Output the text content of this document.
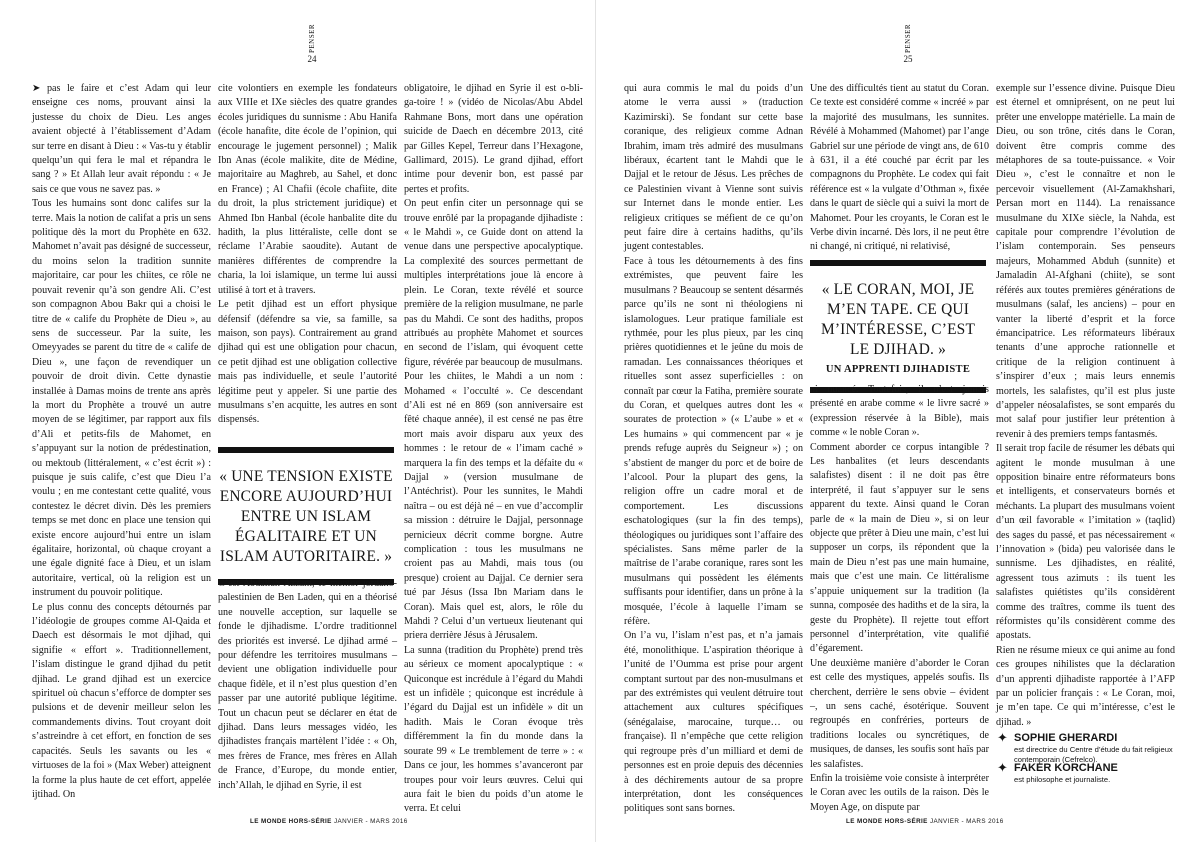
PENSER
24

➤ pas le faire et c’est Adam qui leur enseigne ces noms, prouvant ainsi la justesse du choix de Dieu. Les anges avaient objecté à l’établissement d’Adam sur terre en disant à Dieu : « Vas-tu y établir quelqu’un qui fera le mal et répandra le sang ? » Et Allah leur avait répondu : « Je sais ce que vous ne savez pas. »

Tous les humains sont donc califes sur la terre. Mais la notion de califat a pris un sens politique dès la mort du Prophète en 632. Mahomet n’avait pas désigné de successeur, du moins selon la tradition sunnite majoritaire, car pour les chiites, ce rôle ne pouvait revenir qu’à son gendre Ali. C’est son compagnon Abou Bakr qui a choisi le titre de « calife du Prophète de Dieu », au sens de successeur. Par la suite, les Omeyyades se parent du titre de « calife de Dieu », une façon de revendiquer un pouvoir de droit divin. Cette dynastie installée à Damas moins de trente ans après la mort du Prophète a trouvé un autre moyen de se légitimer, par rapport aux fils d’Ali et petits-fils de Mahomet, en s’appuyant sur la notion de prédestination, ou mektoub (littéralement, « c’est écrit ») : puisque je suis calife, c’est que Dieu l’a voulu ; en me contestant cette qualité, vous contestez le décret divin. Dès les premiers temps se met donc en place une tension qui existe encore aujourd’hui entre un islam égalitaire, horizontal, où chaque croyant a une égale dignité face à Dieu, et un islam autoritaire, vertical, où la religion est un instrument du pouvoir politique.

Le plus connu des concepts détournés par l’idéologie de groupes comme Al-Qaida et Daech est désormais le mot djihad, qui signifie « effort ». Traditionnellement, l’islam distingue le grand djihad du petit djihad. Le grand djihad est un exercice spirituel où chacun s’efforce de dompter ses pulsions et de devenir meilleur selon les commandements divins. Tout croyant doit s’astreindre à cet effort, en fonction de ses capacités. Seuls les savants ou les « virtuoses de la foi » (Max Weber) atteignent la forme la plus haute de cet effort, appelée ijtihad. On

cite volontiers en exemple les fondateurs aux VIIIe et IXe siècles des quatre grandes écoles juridiques du sunnisme : Abu Hanifa (école hanafite, dite école de l’opinion, qui encourage le jugement personnel) ; Malik Ibn Anas (école malikite, dite de Médine, majoritaire au Maghreb, au Sahel, et donc en France) ; Al Chafii (école chafiite, dite du droit, la plus strictement juridique) et Ahmed Ibn Hanbal (école hanbalite dite du hadith, la plus littéraliste, celle dont se réclame l’Arabie saoudite). Autant de manières différentes de comprendre la charia, la loi islamique, un terme lui aussi utilisé à tort et à travers.

Le petit djihad est un effort physique défensif (défendre sa vie, sa famille, sa maison, son pays). Contrairement au grand djihad qui est une obligation pour chacun, ce petit djihad est une obligation collective mais pas individuelle, et seule l’autorité légitime peut y appeler. Si une partie des musulmans s’en acquitte, les autres en sont dispensés.

« UNE TENSION EXISTE ENCORE AUJOURD’HUI ENTRE UN ISLAM ÉGALITAIRE ET UN ISLAM AUTORITAIRE. »

C’est Abdallah Azzam, le mentor jordano-palestinien de Ben Laden, qui en a théorisé une nouvelle acception, sur laquelle se fonde le djihadisme. L’ordre traditionnel des priorités est inversé. Le djihad armé – pour défendre les territoires musulmans – devient une obligation individuelle pour chaque fidèle, et il n’est plus question d’en passer par une autorité publique légitime. Tout un chacun peut se déclarer en état de djihad. Dans leurs messages vidéo, les djihadistes français martèlent l’idée : « Oh, mes frères de France, mes frères en Allah de France, d’Europe, du monde entier, inch’Allah, le djihad en Syrie, il est

obligatoire, le djihad en Syrie il est o-bli-ga-toire ! » (vidéo de Nicolas/Abu Abdel Rahmane Bons, mort dans une opération suicide de Daech en décembre 2013, cité par Gilles Kepel, Terreur dans l’Hexagone, Gallimard, 2015). Le grand djihad, effort intime pour devenir bon, est passé par pertes et profits.

On peut enfin citer un personnage qui se trouve enrôlé par la propagande djihadiste : « le Mahdi », ce Guide dont on attend la venue dans une perspective apocalyptique. La complexité des sources permettant de multiples interprétations joue là encore à plein. Le Coran, texte révélé et source première de la religion musulmane, ne parle pas du Mahdi. Ce sont des hadiths, propos attribués au prophète Mahomet et sources en second de l’islam, qui évoquent cette figure, révérée par beaucoup de musulmans.

Pour les chiites, le Mahdi a un nom : Mohamed « l’occulté ». Ce descendant d’Ali est né en 869 (son anniversaire est fêté chaque année), il est censé ne pas être mort mais avoir disparu aux yeux des hommes : le retour de « l’imam caché » marquera la fin des temps et la défaite du « Dajjal » (version musulmane de l’Antéchrist). Pour les sunnites, le Mahdi naîtra – ou est déjà né – en vue d’accomplir sa mission : détruire le Dajjal, personnage pernicieux décrit comme borgne. Autre complication : tous les musulmans ne croient pas au Mahdi, mais tous (ou presque) croient au Dajjal. Ce dernier sera tué par Jésus (Issa Ibn Mariam dans le Coran). Mais quel est, alors, le rôle du Mahdi ? Celui d’un vertueux lieutenant qui priera derrière Jésus à Jérusalem.

La sunna (tradition du Prophète) prend très au sérieux ce moment apocalyptique : « Quiconque est incrédule à l’égard du Mahdi est un infidèle ; quiconque est incrédule à l’égard du Dajjal est un infidèle » dit un hadith. Mais le Coran évoque très différemment la fin du monde dans la sourate 99 « Le tremblement de terre » : « Dans ce jour, les hommes s’avanceront par troupes pour voir leurs œuvres. Celui qui aura fait le bien du poids d’un atome le verra. Et celui

LE MONDE HORS-SÉRIE JANVIER - MARS 2016
PENSER
25

qui aura commis le mal du poids d’un atome le verra aussi » (traduction Kazimirski). Se fondant sur cette base coranique, des religieux comme Adnan Ibrahim, imam très admiré des musulmans libéraux, écartent tant le Mahdi que le Dajjal et le retour de Jésus. Les prêches de ce Palestinien vivant à Vienne sont suivis sur Internet dans le monde entier. Les religieux critiques se méfient de ce qu’on peut faire dire à certains hadiths, qu’ils jugent contestables.

Face à tous les détournements à des fins extrémistes, que peuvent faire les musulmans ? Beaucoup se sentent désarmés parce qu’ils ne sont ni théologiens ni islamologues. Leur pratique familiale est rythmée, pour les plus pieux, par les cinq prières quotidiennes et le jeûne du mois de ramadan. Les connaissances théoriques et rituelles sont assez superficielles : on connaît par cœur la Fatiha, première sourate du Coran, et quelques autres dont les « sourates de protection » (« L’aube » et « Les humains » qui commencent par « je prends refuge auprès du Seigneur ») ; on s’abstient de manger du porc et de boire de l’alcool. Pour la plupart des gens, la religion offre un cadre moral et de comportement. Les discussions eschatologiques (sur la fin des temps), théologiques ou juridiques sont l’affaire des spécialistes. Sans même parler de la maîtrise de l’arabe coranique, rares sont les musulmans qui possèdent les éléments suffisants pour identifier, dans un prône à la mosquée, l’école à laquelle l’imam se réfère.

On l’a vu, l’islam n’est pas, et n’a jamais été, monolithique. L’aspiration théorique à l’unité de l’Oumma est prise pour argent comptant surtout par des non-musulmans et par des extrémistes qui veulent détruire tout attachement aux cultures spécifiques (sénégalaise, marocaine, turque… ou française). Il n’empêche que cette religion qui regroupe près d’un milliard et demi de personnes est en proie depuis des décennies à des déchirements autour de sa propre interprétation, dont les conséquences politiques sont sans bornes.

Une des difficultés tient au statut du Coran. Ce texte est considéré comme « incréé » par la majorité des musulmans, les sunnites. Révélé à Mohammed (Mahomet) par l’ange Gabriel sur une période de vingt ans, de 610 à 631, il a été couché par écrit par les compagnons du Prophète. Le codex qui fait référence est « la vulgate d’Othman », fixée dans le quart de siècle qui a suivi la mort de Mahomet. Pour les croyants, le Coran est le Verbe divin incarné. Dès lors, il ne peut être ni changé, ni critiqué, ni relativisé,

« LE CORAN, MOI, JE M’EN TAPE. CE QUI M’INTÉRESSE, C’EST LE DJIHAD. »
UN APPRENTI DJIHADISTE

ni nuancé. Toutefois, il n’est jamais présenté en arabe comme « le livre sacré » (expression réservée à la Bible), mais comme « le noble Coran ».

Comment aborder ce corpus intangible ? Les hanbalites (et leurs descendants salafistes) disent : il ne doit pas être interprété, il faut s’appuyer sur le sens apparent du texte. Ainsi quand le Coran parle de « la main de Dieu », si on leur objecte que prêter à Dieu une main, c’est lui supposer un corps, ils répondent que la main de Dieu n’est pas une main humaine, mais que c’est une main. Ce littéralisme s’appuie uniquement sur la tradition (la sunna, composée des hadiths et de la sira, la geste du Prophète). Il rejette tout effort personnel d’interprétation, vite qualifié d’égarement.

Une deuxième manière d’aborder le Coran est celle des mystiques, appelés soufis. Ils cherchent, derrière le sens obvie – évident –, un sens caché, ésotérique. Souvent regroupés en confréries, porteurs de traditions locales ou syncrétiques, de musiques, de danses, les soufis sont haïs par les salafistes.

Enfin la troisième voie consiste à interpréter le Coran avec les outils de la raison. Dès le Moyen Age, on dispute par

exemple sur l’essence divine. Puisque Dieu est éternel et omniprésent, on ne peut lui prêter une enveloppe matérielle. La main de Dieu, ou son trône, cités dans le Coran, doivent être compris comme des métaphores de sa toute-puissance. « Voir Dieu », c’est le connaître et non le percevoir visuellement (Al-Zamakhshari, Persan mort en 1144). La renaissance musulmane du XIXe siècle, la Nahda, est capitale pour comprendre l’évolution de l’islam contemporain. Ses penseurs majeurs, Mohammed Abduh (sunnite) et Jamaladin Al-Afghani (chiite), se sont référés aux toutes premières générations de musulmans (salaf, les anciens) – pour en vanter la liberté d’esprit et la force émancipatrice. Les réformateurs libéraux tenants d’une approche rationnelle et critique de la religion continuent à s’inspirer d’eux ; mais leurs ennemis mortels, les salafistes, qu’il est plus juste d’appeler néosalafistes, se sont emparés du mot salaf pour justifier leur prétention à revenir à des premiers temps fantasmés.

Il serait trop facile de résumer les débats qui agitent le monde musulman à une opposition binaire entre réformateurs bons et intelligents, et conservateurs bornés et méchants. La plupart des musulmans voient d’un œil favorable « l’imitation » (taqlid) des sages du passé, et pas nécessairement « l’innovation » (bida) peu valorisée dans le sunnisme. Les djihadistes, en réalité, agressent tous azimuts : ils tuent les salafistes quiétistes qu’ils considèrent comme des traîtres, comme ils tuent des réformistes qu’ils considèrent comme des apostats.

Rien ne résume mieux ce qui anime au fond ces groupes nihilistes que la déclaration d’un apprenti djihadiste rapportée à l’AFP par un policier français : « Le Coran, moi, je m’en tape. Ce qui m’intéresse, c’est le djihad. »

LE MONDE HORS-SÉRIE JANVIER - MARS 2016
✦ SOPHIE GHERARDI
est directrice du Centre d’étude du fait religieux contemporain (Cefrelco).
✦ FAKER KORCHANE
est philosophe et journaliste.
